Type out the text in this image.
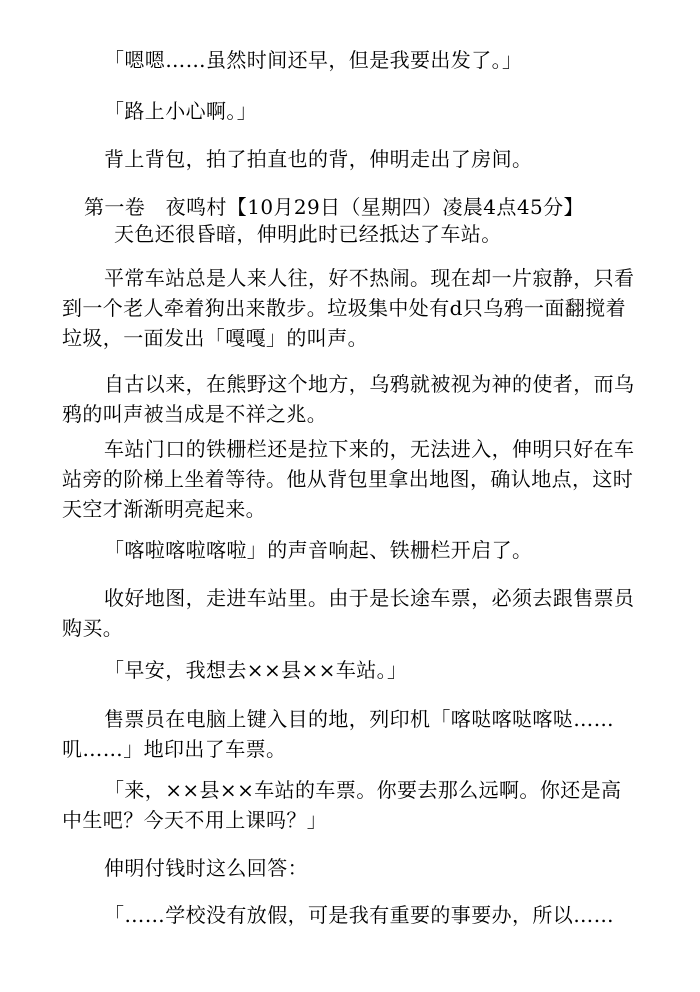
「嗯嗯……虽然时间还早，但是我要出发了。」

「路上小心啊。」

背上背包，拍了拍直也的背，伸明走出了房间。

第一卷　夜鸣村【10月29日（星期四）凌晨4点45分】

天色还很昏暗，伸明此时已经抵达了车站。

平常车站总是人来人往，好不热闹。现在却一片寂静，只看到一个老人牵着狗出来散步。垃圾集中处有d只乌鸦一面翻搅着垃圾，一面发出「嘎嘎」的叫声。

自古以来，在熊野这个地方，乌鸦就被视为神的使者，而乌鸦的叫声被当成是不祥之兆。

车站门口的铁栅栏还是拉下来的，无法进入，伸明只好在车站旁的阶梯上坐着等待。他从背包里拿出地图，确认地点，这时天空才渐渐明亮起来。

「喀啦喀啦喀啦」的声音响起、铁栅栏开启了。

收好地图，走进车站里。由于是长途车票，必须去跟售票员购买。

「早安，我想去××县××车站。」

售票员在电脑上键入目的地，列印机「喀哒喀哒喀哒……叽……」地印出了车票。

「来，××县××车站的车票。你要去那么远啊。你还是高中生吧？今天不用上课吗？」

伸明付钱时这么回答：

「……学校没有放假，可是我有重要的事要办，所以……
